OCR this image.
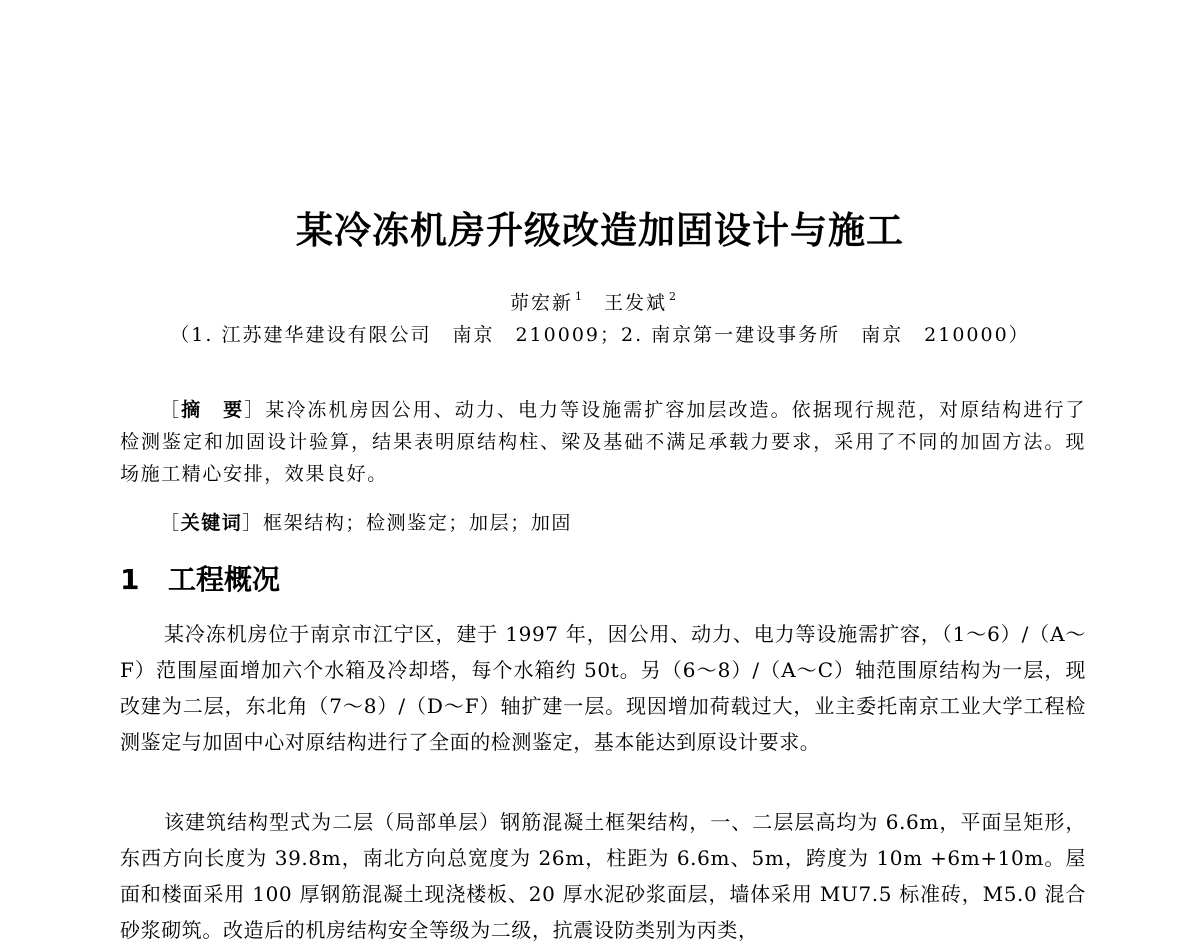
某冷冻机房升级改造加固设计与施工
茆宏新 $^1$ 王发斌 $^2$
（1. 江苏建华建设有限公司　南京　210009；2. 南京第一建设事务所　南京　210000）
［摘　要］某冷冻机房因公用、动力、电力等设施需扩容加层改造。依据现行规范，对原结构进行了检测鉴定和加固设计验算，结果表明原结构柱、梁及基础不满足承载力要求，采用了不同的加固方法。现场施工精心安排，效果良好。
［关键词］框架结构；检测鉴定；加层；加固
1 工程概况
某冷冻机房位于南京市江宁区，建于 1997 年，因公用、动力、电力等设施需扩容，（1～6）/（A～F）范围屋面增加六个水箱及冷却塔，每个水箱约 50t。另（6～8）/（A～C）轴范围原结构为一层，现改建为二层，东北角（7～8）/（D～F）轴扩建一层。现因增加荷载过大，业主委托南京工业大学工程检测鉴定与加固中心对原结构进行了全面的检测鉴定，基本能达到原设计要求。
该建筑结构型式为二层（局部单层）钢筋混凝土框架结构，一、二层层高均为 6.6m，平面呈矩形，东西方向长度为 39.8m，南北方向总宽度为 26m，柱距为 6.6m、5m，跨度为 10m +6m+10m。屋面和楼面采用 100 厚钢筋混凝土现浇楼板、20 厚水泥砂浆面层，墙体采用 MU7.5 标准砖，M5.0 混合砂浆砌筑。改造后的机房结构安全等级为二级，抗震设防类别为丙类，
